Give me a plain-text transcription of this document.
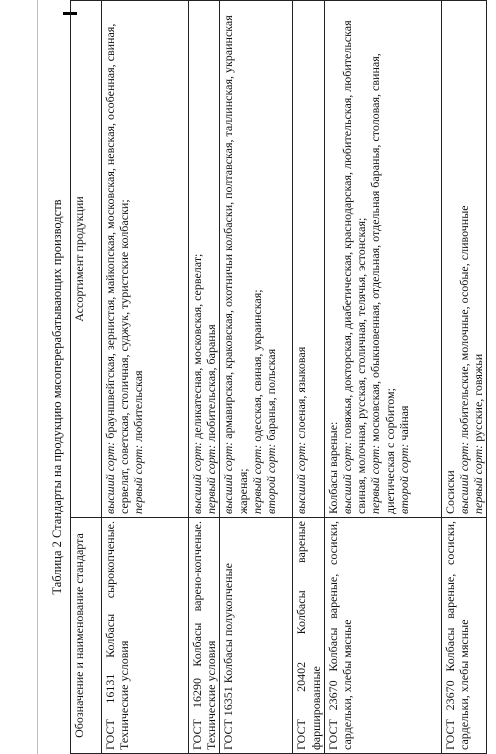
Таблица 2 Стандарты на продукцию мясоперерабатывающих производств
Обозначение и наименование стандарта	Ассортимент продукции
ГОСТ 16131 Колбасы сырокопченые. Технические условия	высший сорт: брауншвейгская, зернистая, майкопская, московская, невская, особенная, свиная, сервелат, советская, столичная, суджук, туристские колбаски;
первый сорт: любительская
ГОСТ 16290 Колбасы варено-копченые. Технические условия	высший сорт: деликатесная, московская, сервелат;
первый сорт: любительская, баранья
ГОСТ 16351 Колбасы полукопченые	высший сорт: армавирская, краковская, охотничьи колбаски, полтавская, таллинская, украинская жареная;
первый сорт: одесская, свиная, украинская;
второй сорт: баранья, польская
ГОСТ 20402 Колбасы вареные фаршированные	высший сорт: слоеная, языковая
ГОСТ 23670 Колбасы вареные, сосиски, сардельки, хлебы мясные	Колбасы вареные:
высший сорт: говяжья, докторская, диабетическая, краснодарская, любительская, любительская свиная, молочная, русская, столичная, телячья, эстонская;
первый сорт: московская, обыкновенная, отдельная, отдельная баранья, столовая, свиная, диетическая с сорбитом;
второй сорт: чайная
ГОСТ 23670 Колбасы вареные, сосиски, сардельки, хлебы мясные	Сосиски
высший сорт: любительские, молочные, особые, сливочные
первый сорт: русские, говяжьи
